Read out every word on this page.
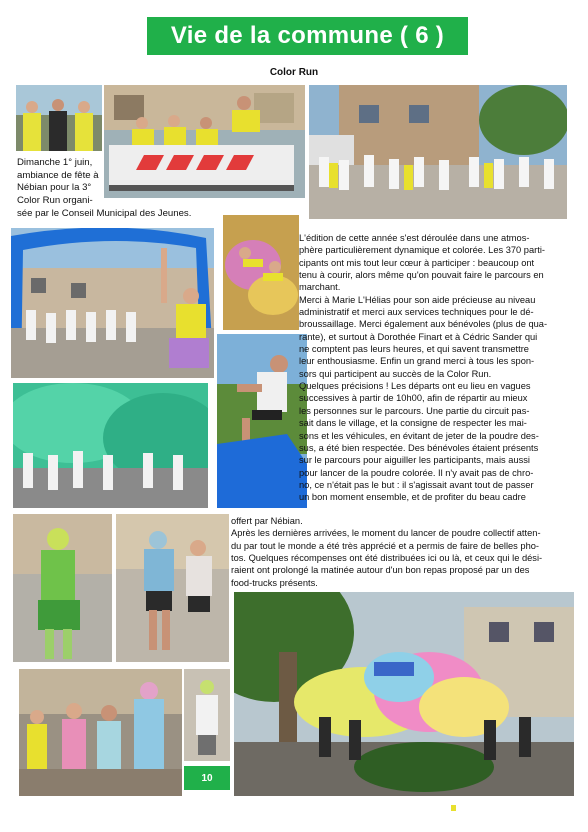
Vie de la commune ( 6 )
Color Run
Dimanche 1° juin,
ambiance de fête à
Nébian pour la 3°
Color Run organi-
sée par le Conseil Municipal des Jeunes.
10

L'édition de cette année s'est déroulée dans une atmos-
phère particulièrement dynamique et colorée. Les 370 parti-
cipants ont mis tout leur cœur à participer : beaucoup ont
tenu à courir, alors même qu'on pouvait faire le parcours en
marchant.

Merci à Marie L'Hélias pour son aide précieuse au niveau
administratif et merci aux services techniques pour le dé-
broussaillage. Merci également aux bénévoles (plus de qua-
rante), et surtout à Dorothée Finart et à Cédric Sander qui
ne comptent pas leurs heures, et qui savent transmettre
leur enthousiasme. Enfin un grand merci à tous les spon-
sors qui participent au succès de la Color Run.

Quelques précisions ! Les départs ont eu lieu en vagues
successives à partir de 10h00, afin de répartir au mieux
les personnes sur le parcours. Une partie du circuit pas-
sait dans le village, et la consigne de respecter les mai-
sons et les véhicules, en évitant de jeter de la poudre des-
sus, a été bien respectée. Des bénévoles étaient présents
sur le parcours pour aiguiller les participants, mais aussi
pour lancer de la poudre colorée. Il n'y avait pas de chro-
no, ce n'était pas le but : il s'agissait avant tout de passer
un bon moment ensemble, et de profiter du beau cadre

offert par Nébian.

Après les dernières arrivées, le moment du lancer de poudre collectif atten-
du par tout le monde a été très apprécié et a permis de faire de belles pho-
tos. Quelques récompenses ont été distribuées ici ou là, et ceux qui le dési-
raient ont prolongé la matinée autour d'un bon repas proposé par un des
food-trucks présents.
